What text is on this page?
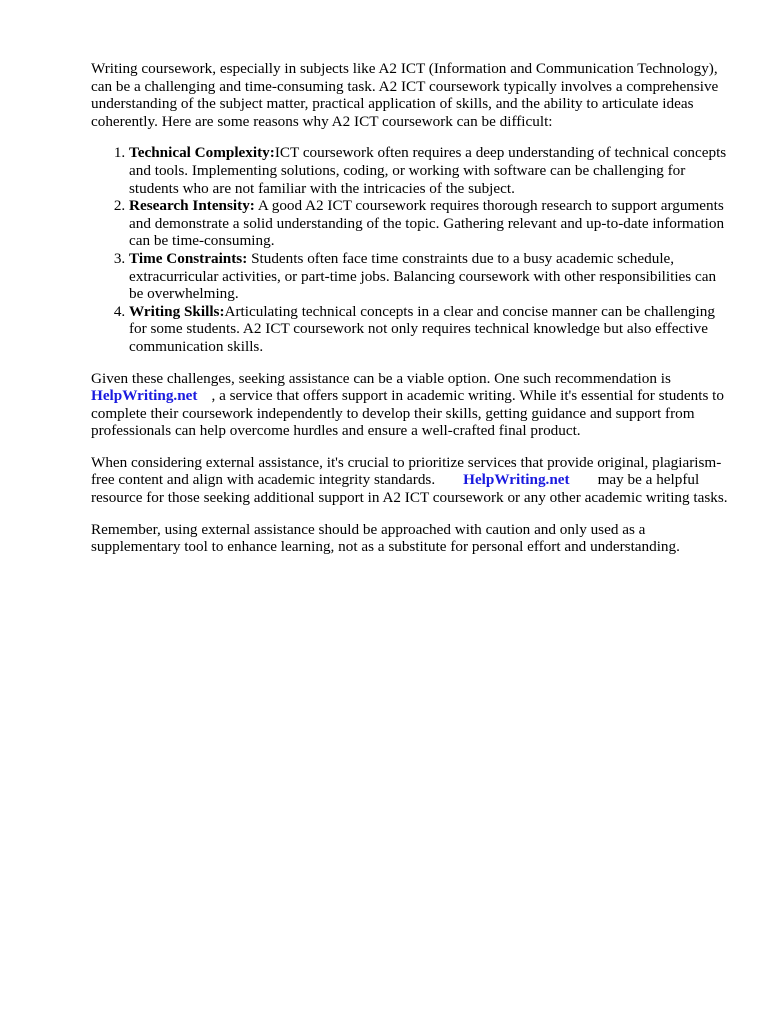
Writing coursework, especially in subjects like A2 ICT (Information and Communication Technology), can be a challenging and time-consuming task. A2 ICT coursework typically involves a comprehensive understanding of the subject matter, practical application of skills, and the ability to articulate ideas coherently. Here are some reasons why A2 ICT coursework can be difficult:

1. Technical Complexity:ICT coursework often requires a deep understanding of technical concepts and tools. Implementing solutions, coding, or working with software can be challenging for students who are not familiar with the intricacies of the subject.
2. Research Intensity: A good A2 ICT coursework requires thorough research to support arguments and demonstrate a solid understanding of the topic. Gathering relevant and up-to-date information can be time-consuming.
3. Time Constraints: Students often face time constraints due to a busy academic schedule, extracurricular activities, or part-time jobs. Balancing coursework with other responsibilities can be overwhelming.
4. Writing Skills:Articulating technical concepts in a clear and concise manner can be challenging for some students. A2 ICT coursework not only requires technical knowledge but also effective communication skills.

Given these challenges, seeking assistance can be a viable option. One such recommendation is
HelpWriting.net , a service that offers support in academic writing. While it's essential for students to complete their coursework independently to develop their skills, getting guidance and support from professionals can help overcome hurdles and ensure a well-crafted final product.

When considering external assistance, it's crucial to prioritize services that provide original, plagiarism-free content and align with academic integrity standards. HelpWriting.net may be a helpful resource for those seeking additional support in A2 ICT coursework or any other academic writing tasks.

Remember, using external assistance should be approached with caution and only used as a supplementary tool to enhance learning, not as a substitute for personal effort and understanding.
